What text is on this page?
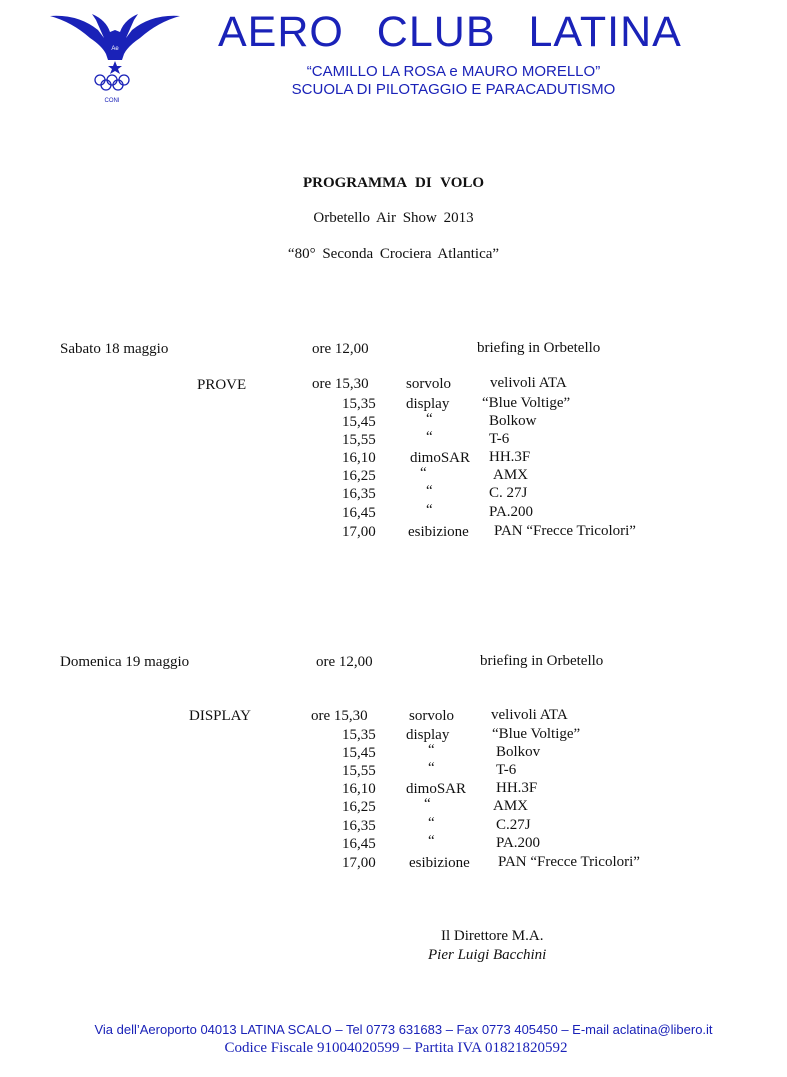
Ae
CONI
AERO CLUB LATINA
“CAMILLO LA ROSA e MAURO MORELLO”
SCUOLA DI PILOTAGGIO E PARACADUTISMO
PROGRAMMA DI VOLO
Orbetello Air Show 2013
“80° Seconda Crociera Atlantica”
Sabato 18 maggio	ore 12,00	briefing in Orbetello
PROVE	ore 15,30 sorvolo	velivoli ATA
15,35 display “Blue Voltige”
15,45	“	Bolkow
15,55	“	T-6
16,10 dimoSAR HH.3F
16,25	“	AMX
16,35	“	C. 27J
16,45	“	PA.200
17,00 esibizione PAN “Frecce Tricolori”
Domenica 19 maggio	ore 12,00	briefing in Orbetello
DISPLAY	ore 15,30	sorvolo velivoli ATA
15,35 display	“Blue Voltige”
15,45	“	Bolkov
15,55	“	T-6
16,10 dimoSAR HH.3F
16,25	“	AMX
16,35	“	C.27J
16,45	“	PA.200
17,00 esibizione PAN “Frecce Tricolori”
Il Direttore M.A.
Pier Luigi Bacchini
Via dell’Aeroporto 04013 LATINA SCALO – Tel 0773 631683 – Fax 0773 405450 – E-mail aclatina@libero.it
Codice Fiscale 91004020599 – Partita IVA 01821820592
